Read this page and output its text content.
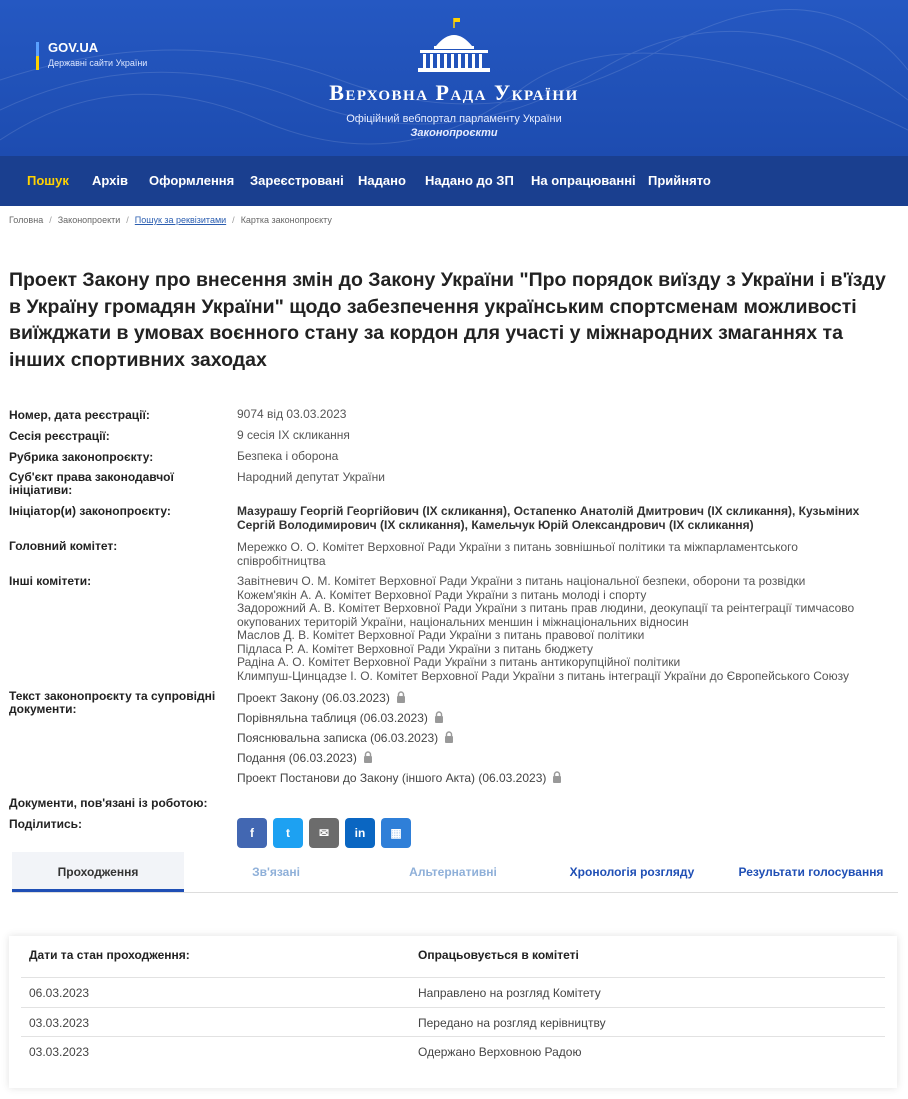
GOV.UA
Державні сайти України
Верховна Рада України
Офіційний вебпортал парламенту України
Законопроєкти
Пошук Архів Оформлення Зареєстровані Надано Надано до ЗП На опрацюванні Прийнято
Головна / Законопроекти / Пошук за реквізитами / Картка законопроєкту
Проект Закону про внесення змін до Закону України "Про порядок виїзду з України і в'їзду в Україну громадян України" щодо забезпечення українським спортсменам можливості виїжджати в умовах воєнного стану за кордон для участі у міжнародних змаганнях та інших спортивних заходах
Номер, дата реєстрації:	9074 від 03.03.2023
Сесія реєстрації:	9 сесія IX скликання
Рубрика законопроєкту:	Безпека і оборона
Суб'єкт права законодавчої ініціативи:
Народний депутат України
Ініціатор(и) законопроєкту:	Мазурашу Георгій Георгійович (IX скликання), Остапенко Анатолій Дмитрович (IX скликання), Кузьміних Сергій Володимирович (IX скликання), Камельчук Юрій Олександрович (IX скликання)
Головний комітет:	Мережко О. О. Комітет Верховної Ради України з питань зовнішньої політики та міжпарламентського співробітництва
Інші комітети:	Завітневич О. М. Комітет Верховної Ради України з питань національної безпеки, оборони та розвідки
Кожем'якін А. А. Комітет Верховної Ради України з питань молоді і спорту
Задорожний А. В. Комітет Верховної Ради України з питань прав людини, деокупації та реінтеграції тимчасово
окупованих територій України, національних меншин і міжнаціональних відносин
Маслов Д. В. Комітет Верховної Ради України з питань правової політики
Підласа Р. А. Комітет Верховної Ради України з питань бюджету
Радіна А. О. Комітет Верховної Ради України з питань антикорупційної політики
Климпуш-Цинцадзе І. О. Комітет Верховної Ради України з питань інтеграції України до Європейського Союзу
Текст законопроєкту та супровідні документи:
Проект Закону (06.03.2023)
Порівняльна таблиця (06.03.2023)
Пояснювальна записка (06.03.2023)
Подання (06.03.2023)
Проект Постанови до Закону (іншого Акта) (06.03.2023)
Документи, пов'язані із роботою:
Поділитись:
f	t	✉	in	▦
Проходження	Зв'язані	Альтернативні	Хронологія розгляду	Результати голосування
Дати та стан проходження:	Опрацьовується в комітеті
06.03.2023	Направлено на розгляд Комітету
03.03.2023	Передано на розгляд керівництву
03.03.2023	Одержано Верховною Радою
